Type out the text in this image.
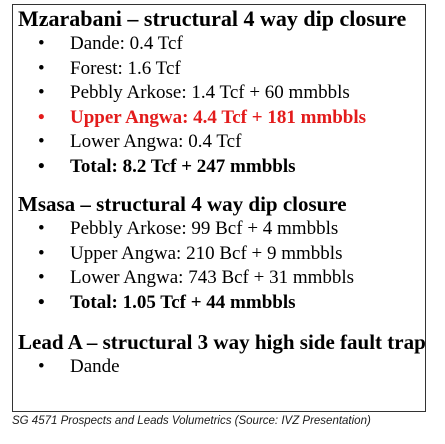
Mzarabani – structural 4 way dip closure

• Dande: 0.4 Tcf
• Forest: 1.6 Tcf
• Pebbly Arkose: 1.4 Tcf + 60 mmbbls
• Upper Angwa: 4.4 Tcf + 181 mmbbls
• Lower Angwa: 0.4 Tcf
• Total: 8.2 Tcf + 247 mmbbls

Msasa – structural 4 way dip closure

• Pebbly Arkose: 99 Bcf + 4 mmbbls
• Upper Angwa: 210 Bcf + 9 mmbbls
• Lower Angwa: 743 Bcf + 31 mmbbls
• Total: 1.05 Tcf + 44 mmbbls

Lead A – structural 3 way high side fault trap

• Dande
SG 4571 Prospects and Leads Volumetrics (Source: IVZ Presentation)
